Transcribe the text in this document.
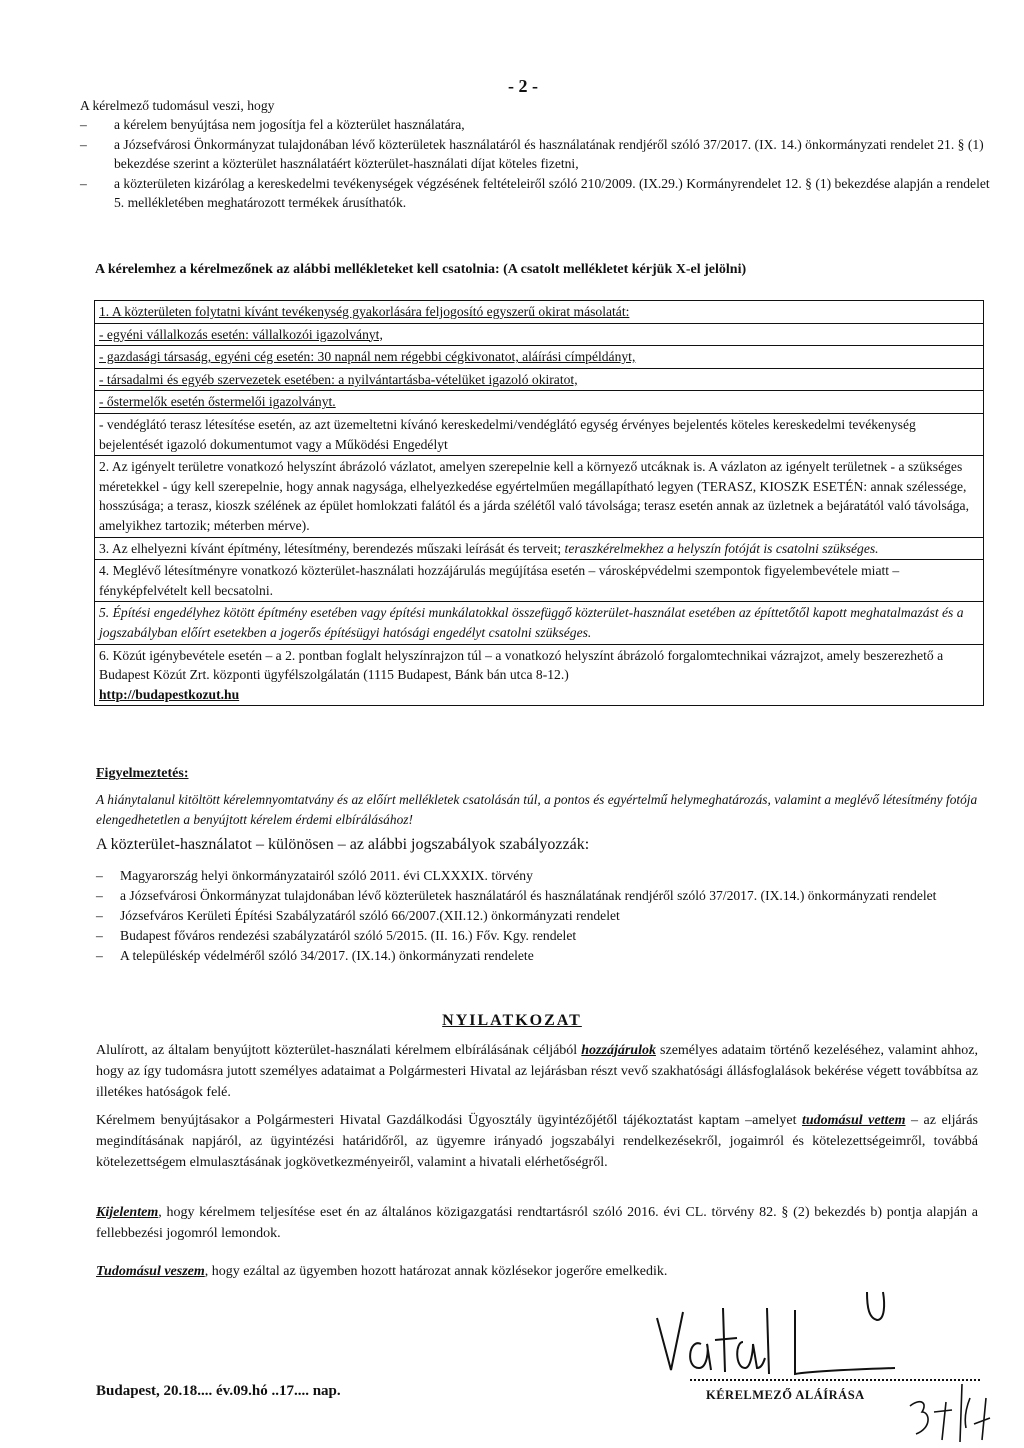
- 2 -

A kérelmező tudomásul veszi, hogy

–	a kérelem benyújtása nem jogosítja fel a közterület használatára,

–	a Józsefvárosi Önkormányzat tulajdonában lévő közterületek használatáról és használatának rendjéről szóló 37/2017. (IX. 14.) önkormányzati rendelet 21. § (1) bekezdése szerint a közterület használatáért közterület-használati díjat köteles fizetni,

–	a közterületen kizárólag a kereskedelmi tevékenységek végzésének feltételeiről szóló 210/2009. (IX.29.) Kormányrendelet 12. § (1) bekezdése alapján a rendelet 5. mellékletében meghatározott termékek árusíthatók.

A kérelemhez a kérelmezőnek az alábbi mellékleteket kell csatolnia: (A csatolt mellékletet kérjük X-el jelölni)
1. A közterületen folytatni kívánt tevékenység gyakorlására feljogosító egyszerű okirat másolatát:
- egyéni vállalkozás esetén: vállalkozói igazolványt,
- gazdasági társaság, egyéni cég esetén: 30 napnál nem régebbi cégkivonatot, aláírási címpéldányt,
- társadalmi és egyéb szervezetek esetében: a nyilvántartásba-vételüket igazoló okiratot,
- őstermelők esetén őstermelői igazolványt.
- vendéglátó terasz létesítése esetén, az azt üzemeltetni kívánó kereskedelmi/vendéglátó egység érvényes bejelentés köteles kereskedelmi tevékenység bejelentését igazoló dokumentumot vagy a Működési Engedélyt
2. Az igényelt területre vonatkozó helyszínt ábrázoló vázlatot, amelyen szerepelnie kell a környező utcáknak is. A vázlaton az igényelt területnek - a szükséges méretekkel - úgy kell szerepelnie, hogy annak nagysága, elhelyezkedése egyértelműen megállapítható legyen (TERASZ, KIOSZK ESETÉN: annak szélessége, hosszúsága; a terasz, kioszk szélének az épület homlokzati falától és a járda szélétől való távolsága; terasz esetén annak az üzletnek a bejáratától való távolsága, amelyikhez tartozik; méterben mérve).
3. Az elhelyezni kívánt építmény, létesítmény, berendezés műszaki leírását és terveit; teraszkérelmekhez a helyszín fotóját is csatolni szükséges.
4. Meglévő létesítményre vonatkozó közterület-használati hozzájárulás megújítása esetén – városképvédelmi szempontok figyelembevétele miatt – fényképfelvételt kell becsatolni.
5. Építési engedélyhez kötött építmény esetében vagy építési munkálatokkal összefüggő közterület-használat esetében az építtetőtől kapott meghatalmazást és a jogszabályban előírt esetekben a jogerős építésügyi hatósági engedélyt csatolni szükséges.
6. Közút igénybevétele esetén – a 2. pontban foglalt helyszínrajzon túl – a vonatkozó helyszínt ábrázoló forgalomtechnikai vázrajzot, amely beszerezhető a Budapest Közút Zrt. központi ügyfélszolgálatán (1115 Budapest, Bánk bán utca 8-12.)
http://budapestkozut.hu
Figyelmeztetés:
A hiánytalanul kitöltött kérelemnyomtatvány és az előírt mellékletek csatolásán túl, a pontos és egyértelmű helymeghatározás, valamint a meglévő létesítmény fotója elengedhetetlen a benyújtott kérelem érdemi elbírálásához!
A közterület-használatot – különösen – az alábbi jogszabályok szabályozzák:

–	Magyarország helyi önkormányzatairól szóló 2011. évi CLXXXIX. törvény

–	a Józsefvárosi Önkormányzat tulajdonában lévő közterületek használatáról és használatának rendjéről szóló 37/2017. (IX.14.) önkormányzati rendelet

–	Józsefváros Kerületi Építési Szabályzatáról szóló 66/2007.(XII.12.) önkormányzati rendelet

–	Budapest főváros rendezési szabályzatáról szóló 5/2015. (II. 16.) Főv. Kgy. rendelet

–	A településkép védelméről szóló 34/2017. (IX.14.) önkormányzati rendelete

NYILATKOZAT
Alulírott, az általam benyújtott közterület-használati kérelmem elbírálásának céljából hozzájárulok személyes adataim történő kezeléséhez, valamint ahhoz, hogy az így tudomásra jutott személyes adataimat a Polgármesteri Hivatal az lejárásban részt vevő szakhatósági állásfoglalások bekérése végett továbbítsa az illetékes hatóságok felé.
Kérelmem benyújtásakor a Polgármesteri Hivatal Gazdálkodási Ügyosztály ügyintézőjétől tájékoztatást kaptam –amelyet tudomásul vettem – az eljárás megindításának napjáról, az ügyintézési határidőről, az ügyemre irányadó jogszabályi rendelkezésekről, jogaimról és kötelezettségeimről, továbbá kötelezettségem elmulasztásának jogkövetkezményeiről, valamint a hivatali elérhetőségről.
Kijelentem, hogy kérelmem teljesítése eset én az általános közigazgatási rendtartásról szóló 2016. évi CL. törvény 82. § (2) bekezdés b) pontja alapján a fellebbezési jogomról lemondok.
Tudomásul veszem, hogy ezáltal az ügyemben hozott határozat annak közlésekor jogerőre emelkedik.
Budapest, 20.18.... év.09.hó ..17.... nap.	KÉRELMEZŐ ALÁÍRÁSA
